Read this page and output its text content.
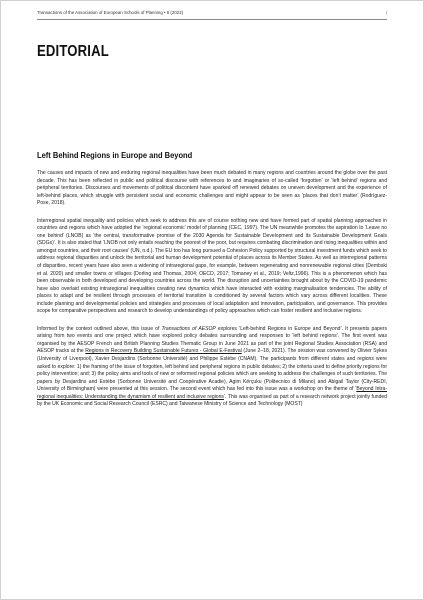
Transactions of the Association of European Schools of Planning • 6 (2022)	i
EDITORIAL
Left Behind Regions in Europe and Beyond

The causes and impacts of new and enduring regional inequalities have been much debated in many regions and countries around the globe over the past decade. This has been reflected in public and political discourse with references to and imaginaries of so-called ‘forgotten’ or ‘left behind’ regions and peripheral territories. Discourses and movements of political discontent have sparked off renewed debates on uneven development and the experience of left-behind places, which struggle with persistent social and economic challenges and might appear to be seen as ‘places that don’t matter’ (Rodríguez-Pose, 2018).

Interregional spatial inequality and policies which seek to address this are of course nothing new and have formed part of spatial planning approaches in countries and regions which have adopted the ‘regional economic’ model of planning (CEC, 1997). The UN meanwhile promotes the aspiration to ‘Leave no one behind’ (LNOB) as ‘the central, transformative promise of the 2030 Agenda for Sustainable Development and its Sustainable Development Goals (SDGs)’. It is also stated that ‘LNOB not only entails reaching the poorest of the poor, but requires combating discrimination and rising inequalities within and amongst countries, and their root causes’ (UN, n.d.). The EU too has long pursued a Cohesion Policy supported by structural investment funds which seek to address regional disparities and unlock the territorial and human development potential of places across its Member States. As well as interregional patterns of disparities, recent years have also seen a widening of intraregional gaps, for example, between regenerating and nonrenewable regional cities (Dembski et al. 2020) and smaller towns or villages (Dorling and Thomas, 2004; OECD, 2017; Tomaney et al., 2019; Veltz,1996). This is a phenomenon which has been observable in both developed and developing countries across the world. The disruption and uncertainties brought about by the COVID-19 pandemic have also overlaid existing intraregional inequalities creating new dynamics which have interacted with existing marginalisation tendencies. The ability of places to adapt and be resilient through processes of territorial transition is conditioned by several factors which vary across different localities. These include planning and developmental policies and strategies and processes of local adaptation and innovation, participation, and governance. This provides scope for comparative perspectives and research to develop understandings of policy approaches which can foster resilient and inclusive regions.

Informed by the context outlined above, this issue of Transactions of AESOP explores ‘Left-behind Regions in Europe and Beyond’. It presents papers arising from two events and one project which have explored policy debates surrounding and responses to ‘left behind regions’. The first event was organised by the AESOP French and British Planning Studies Thematic Group in June 2021 as part of the joint Regional Studies Association (RSA) and AESOP tracks at the Regions in Recovery Building Sustainable Futures - Global E-Festival (June 2–18, 2021). The session was convened by Olivier Sykes (University of Liverpool), Xavier Desjardins (Sorbonne Université) and Philippe Estèbe (CNAM). The participants from different states and regions were asked to explore: 1) the framing of the issue of forgotten, left behind and peripheral regions in public debates; 2) the criteria used to define priority regions for policy intervention; and; 3) the policy aims and tools of new or reformed regional policies which are seeking to address the challenges of such territories. The papers by Desjardins and Estèbe (Sorbonne Université and Coopérative Acadie), Agim Kërçuku (Politecnico di Milano) and Abigail Taylor (City-REDI, University of Birmingham) were presented at this session. The second event which has fed into this issue was a workshop on the theme of ‘Beyond Intra-regional inequalities: Understanding the dynamism of resilient and inclusive regions’. This was organised as part of a research network project jointly funded by the UK Economic and Social Research Council (ESRC) and Taiwanese Ministry of Science and Technology (MOST)
